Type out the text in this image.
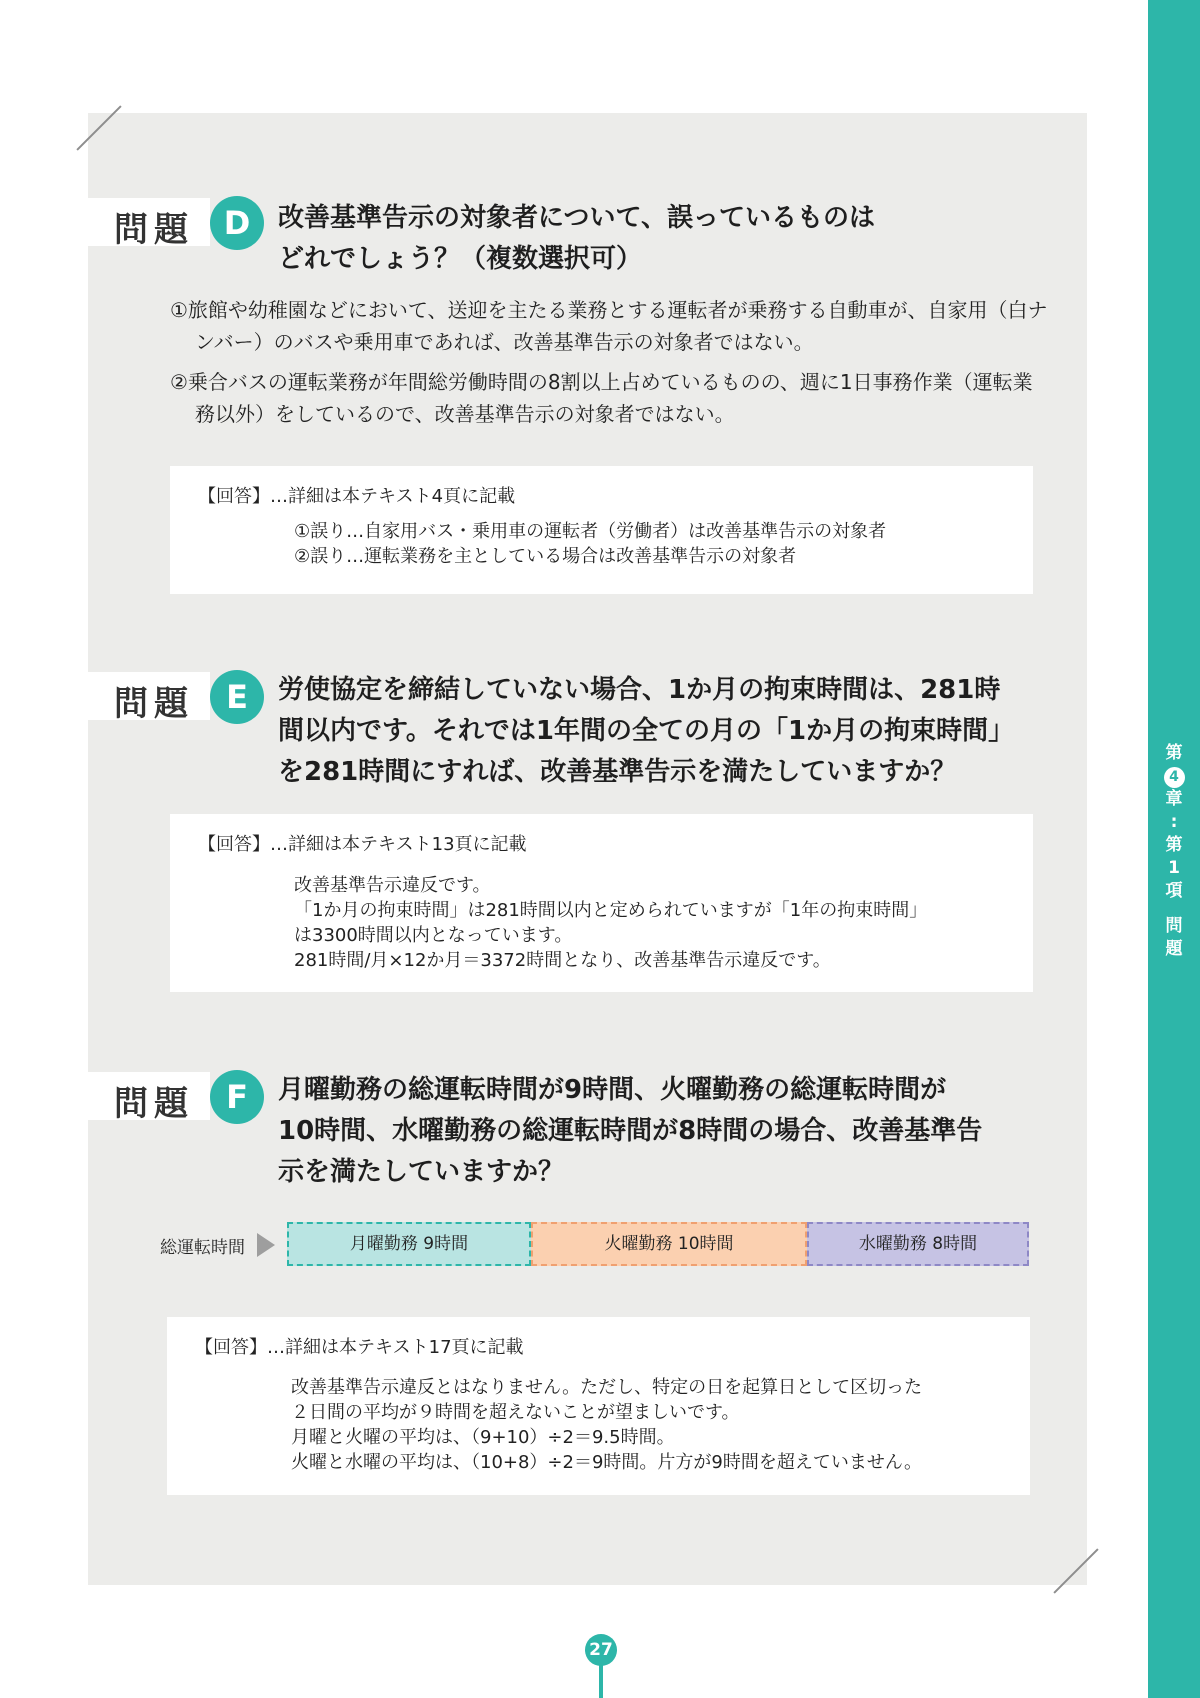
第
4
章
:
第
1
項
問
題
問題 D	改善基準告示の対象者について、誤っているものは
どれでしょう？（複数選択可）
①旅館や幼稚園などにおいて、送迎を主たる業務とする運転者が乗務する自動車が、自家用（白ナンバー）のバスや乗用車であれば、改善基準告示の対象者ではない。
②乗合バスの運転業務が年間総労働時間の8割以上占めているものの、週に1日事務作業（運転業務以外）をしているので、改善基準告示の対象者ではない。
【回答】…詳細は本テキスト4頁に記載
①誤り…自家用バス・乗用車の運転者（労働者）は改善基準告示の対象者
②誤り…運転業務を主としている場合は改善基準告示の対象者
問題	E	労使協定を締結していない場合、1か月の拘束時間は、281時
間以内です。それでは1年間の全ての月の「1か月の拘束時間」
を281時間にすれば、改善基準告示を満たしていますか？
【回答】…詳細は本テキスト13頁に記載
改善基準告示違反です。
「1か月の拘束時間」は281時間以内と定められていますが「1年の拘束時間」
は3300時間以内となっています。
281時間/月×12か月＝3372時間となり、改善基準告示違反です。
問題	F	月曜勤務の総運転時間が9時間、火曜勤務の総運転時間が
10時間、水曜勤務の総運転時間が8時間の場合、改善基準告
示を満たしていますか？
総運転時間	月曜勤務 9時間	火曜勤務 10時間	水曜勤務 8時間
【回答】…詳細は本テキスト17頁に記載
改善基準告示違反とはなりません。ただし、特定の日を起算日として区切った
２日間の平均が９時間を超えないことが望ましいです。
月曜と火曜の平均は、（9+10）÷2＝9.5時間。
火曜と水曜の平均は、（10+8）÷2＝9時間。片方が9時間を超えていません。
27
